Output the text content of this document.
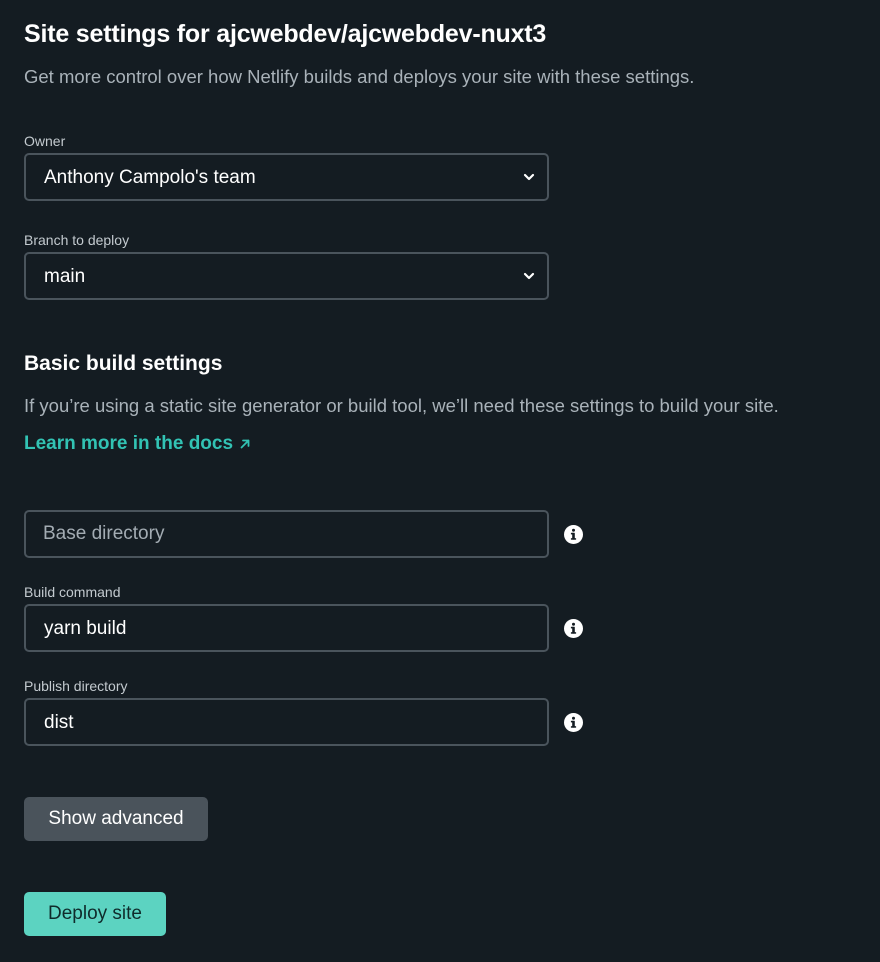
Site settings for ajcwebdev/ajcwebdev-nuxt3
Get more control over how Netlify builds and deploys your site with these settings.
Owner
Anthony Campolo's team
Branch to deploy
main
Basic build settings
If you’re using a static site generator or build tool, we’ll need these settings to build your site.
Learn more in the docs
Base directory
Build command
yarn build
Publish directory
dist
Show advanced
Deploy site
